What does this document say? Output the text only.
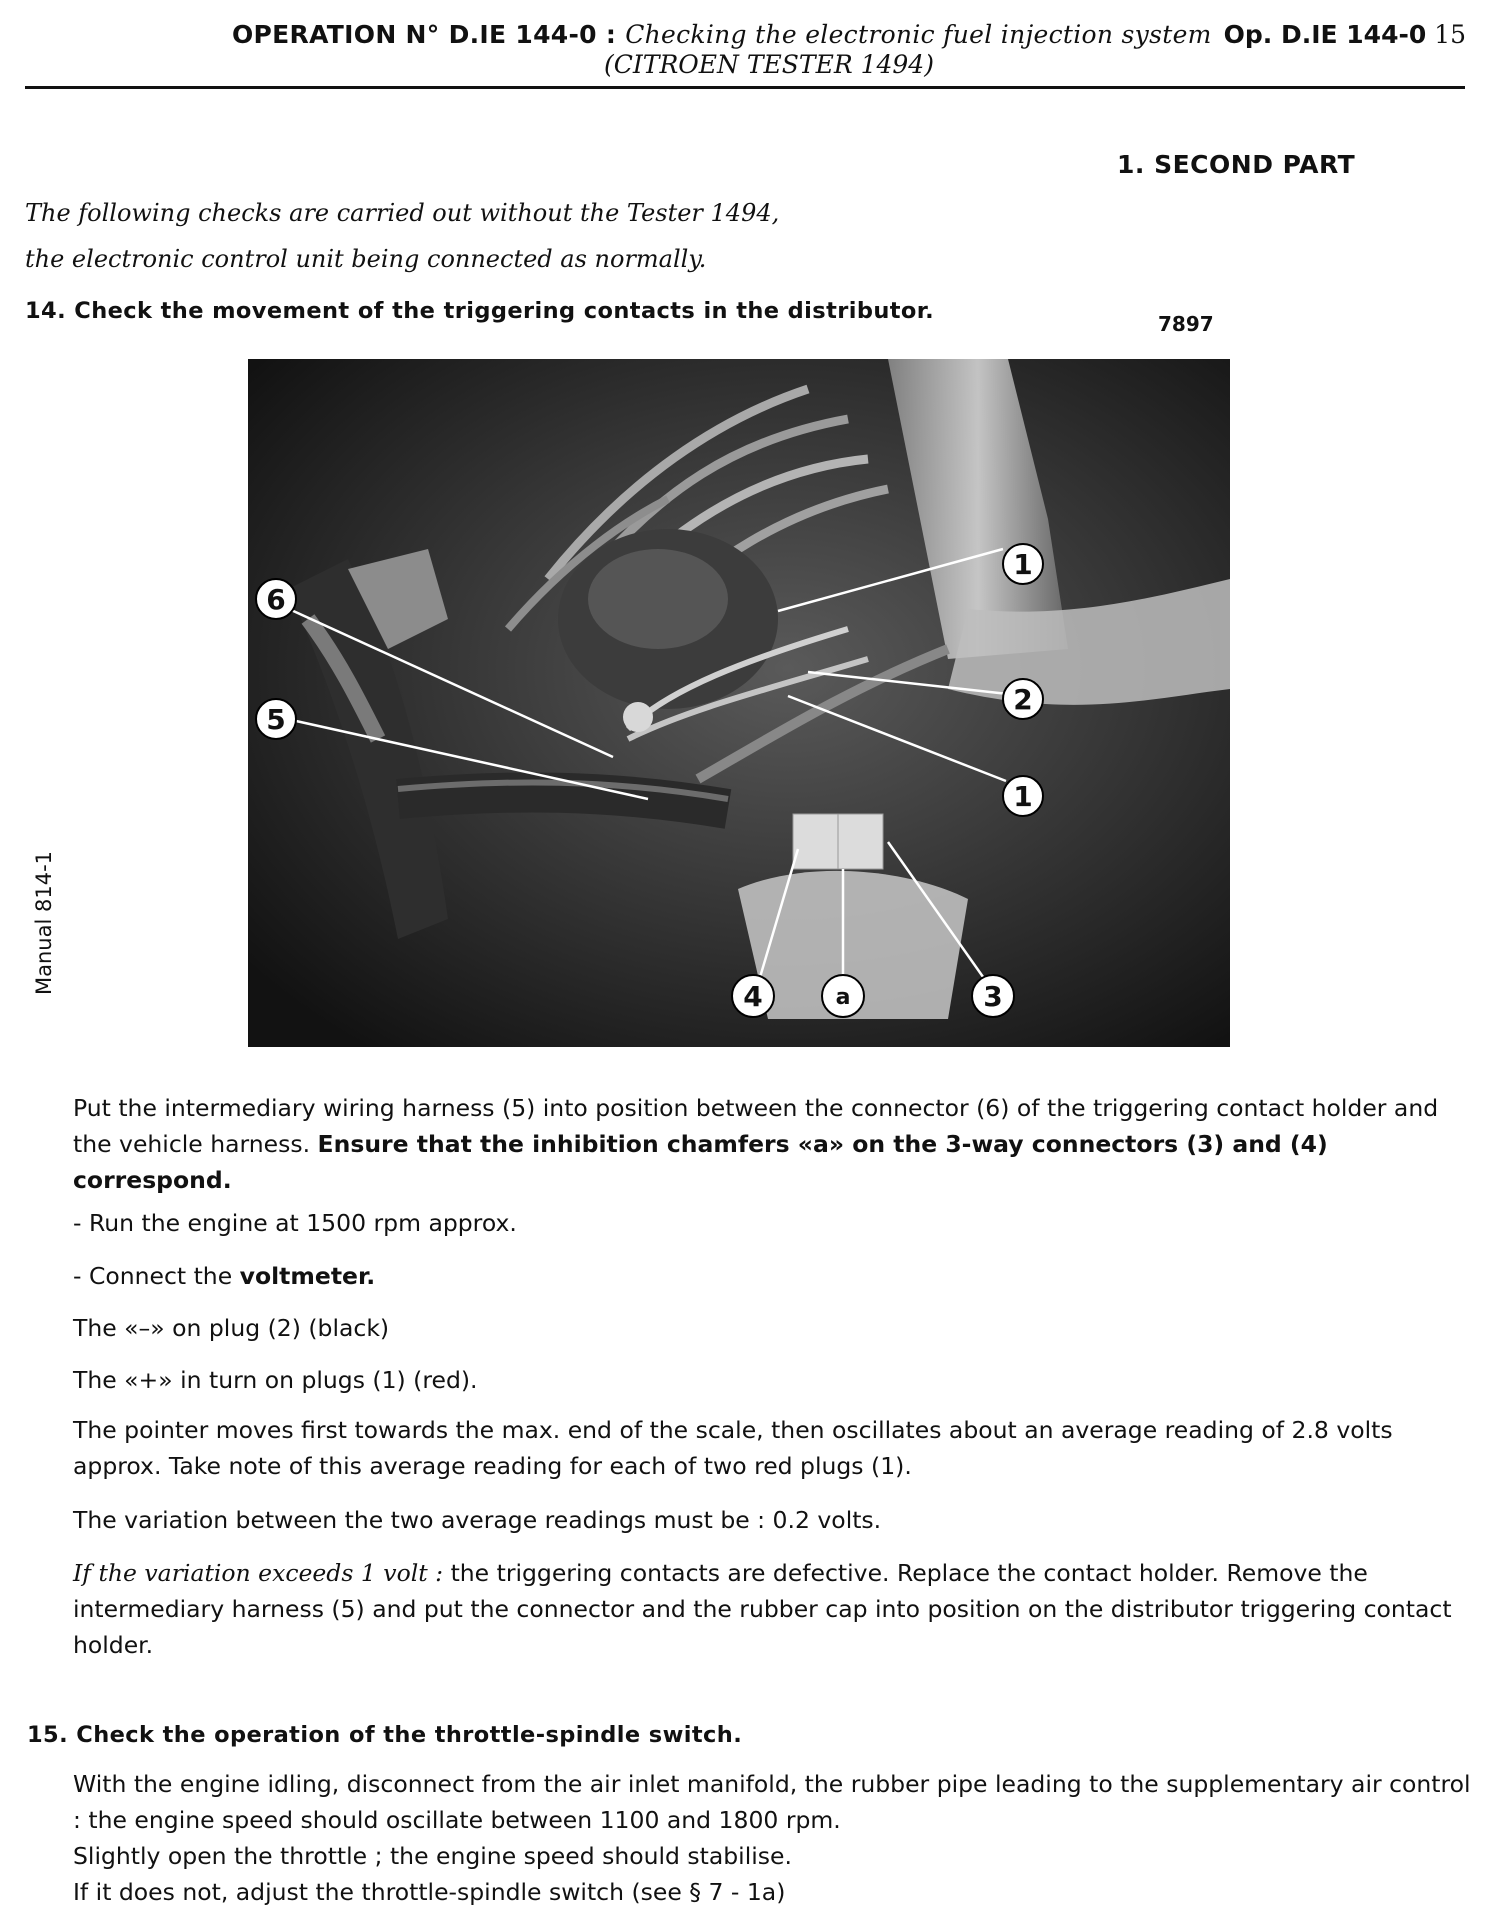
OPERATION N° D.IE 144-0 : Checking the electronic fuel injection system
(CITROEN TESTER 1494)
Op. D.IE 144-0 15
1. SECOND PART
The following checks are carried out without the Tester 1494,
the electronic control unit being connected as normally.
14. Check the movement of the triggering contacts in the distributor.	7897
6
5
1
2
1
4	a	3
Manual 814-1
Put the intermediary wiring harness (5) into position between the connector (6) of the triggering contact holder and the vehicle harness. Ensure that the inhibition chamfers «a» on the 3-way connectors (3) and (4) correspond.
- Run the engine at 1500 rpm approx.
- Connect the voltmeter.
The «–» on plug (2) (black)
The «+» in turn on plugs (1) (red).
The pointer moves first towards the max. end of the scale, then oscillates about an average reading of 2.8 volts approx. Take note of this average reading for each of two red plugs (1).
The variation between the two average readings must be : 0.2 volts.
If the variation exceeds 1 volt : the triggering contacts are defective. Replace the contact holder. Remove the intermediary harness (5) and put the connector and the rubber cap into position on the distributor triggering contact holder.
15. Check the operation of the throttle-spindle switch.
With the engine idling, disconnect from the air inlet manifold, the rubber pipe leading to the supplementary air control : the engine speed should oscillate between 1100 and 1800 rpm.
Slightly open the throttle ; the engine speed should stabilise.
If it does not, adjust the throttle-spindle switch (see § 7 - 1a)
